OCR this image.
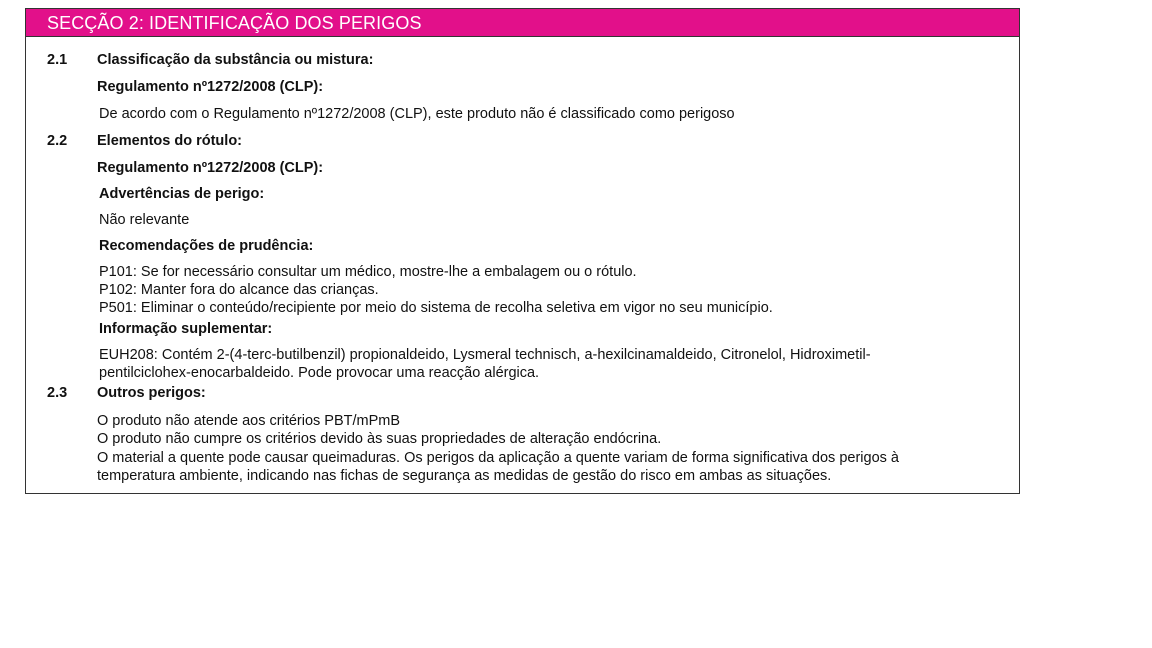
SECÇÃO 2: IDENTIFICAÇÃO DOS PERIGOS
2.1 Classificação da substância ou mistura:
Regulamento nº1272/2008 (CLP):
De acordo com o Regulamento nº1272/2008 (CLP), este produto não é classificado como perigoso
2.2 Elementos do rótulo:
Regulamento nº1272/2008 (CLP):
Advertências de perigo:
Não relevante
Recomendações de prudência:
P101: Se for necessário consultar um médico, mostre-lhe a embalagem ou o rótulo.
P102: Manter fora do alcance das crianças.
P501: Eliminar o conteúdo/recipiente por meio do sistema de recolha seletiva em vigor no seu município.
Informação suplementar:
EUH208: Contém 2-(4-terc-butilbenzil) propionaldeido, Lysmeral technisch, a-hexilcinamaldeido, Citronelol, Hidroximetil-
pentilciclohex-enocarbaldeido. Pode provocar uma reacção alérgica.
2.3 Outros perigos:
O produto não atende aos critérios PBT/mPmB
O produto não cumpre os critérios devido às suas propriedades de alteração endócrina.
O material a quente pode causar queimaduras. Os perigos da aplicação a quente variam de forma significativa dos perigos à
temperatura ambiente, indicando nas fichas de segurança as medidas de gestão do risco em ambas as situações.
